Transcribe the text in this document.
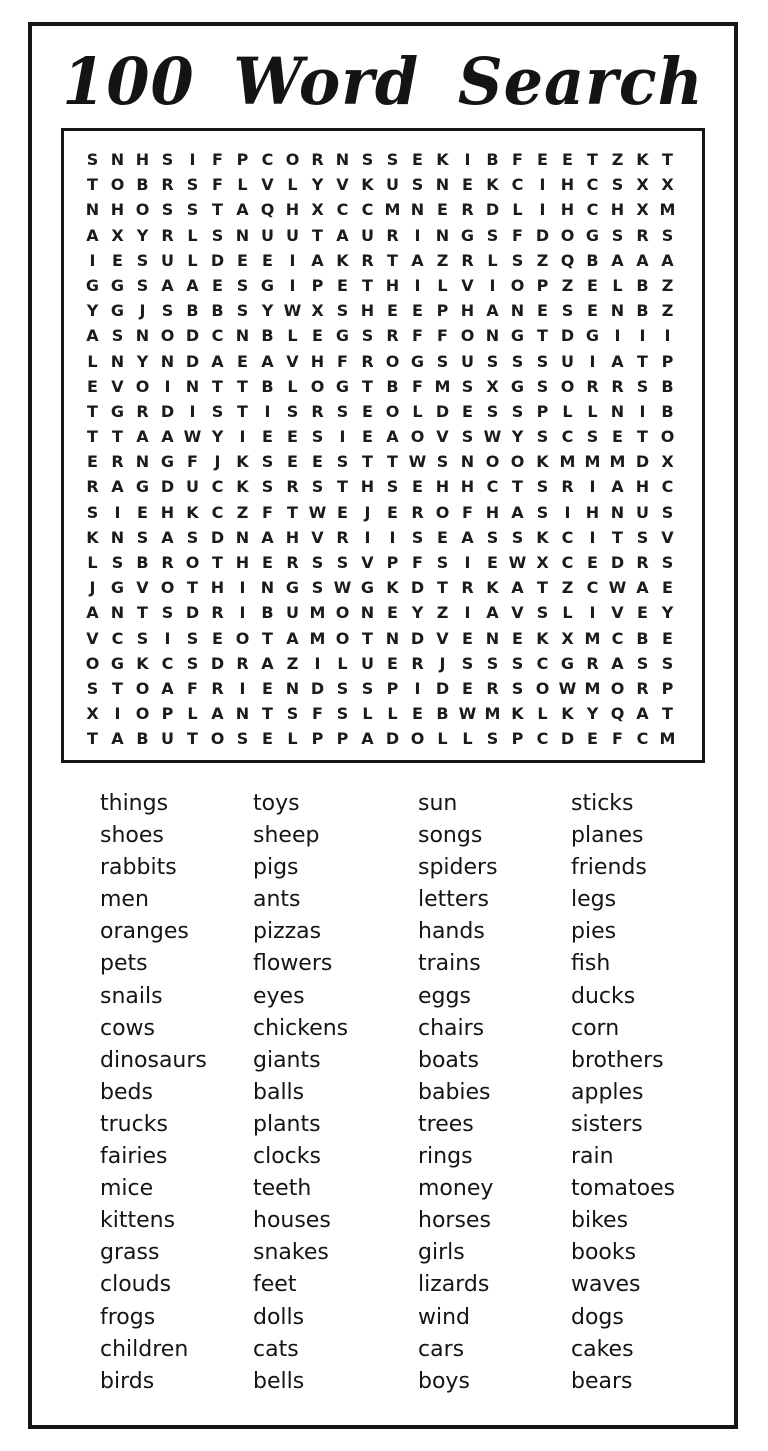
100 Word Search
S N H S	I	F P C O R N S S E K I B F E E T Z K T
T O B R S F L V L Y V K U S N E K C	I H C S X X
N H O S S T A Q H X C C M N E R D L	I H C H X M
A X Y R L S N U U T A U R I N G S F D O G S R S
I	E S U L D E E	I A K R T A Z R L S Z Q B A A A
G G S A A E S G I	P E T H I	L V I O P Z E L B Z
Y G J	S B B S Y W X S H E E P H A N E S E N B Z
A S N O D C N B L E G S R F F O N G T D G I	I	I
L N Y N D A E A V H F R O G S U S S S U I A T P
E V O I N T T B L O G T B F M S X G S O R R S B
T G R D I	S T	I	S R S E O L D E S S P L L N I B
T T A A W Y	I	E E S	I	E A O V S W Y S C S E T O
E R N G F	J K S E E S T T W S N O O K M M M D X
R A G D U C K S R S T H S E H H C T S R I A H C
S	I	E H K C Z F T W E	J	E R O F H A S	I H N U S
K N S A S D N A H V R I	I	S E A S S K C	I	T S V
L S B R O T H E R S S V P F S	I	E W X C E D R S
J G V O T H I N G S W G K D T R K A T Z C W A E
A N T S D R I B U M O N E Y Z	I A V S L	I V E Y
V C S	I	S E O T A M O T N D V E N E K X M C B E
O G K C S D R A Z	I	L U E R J	S S S C G R A S S
S T O A F R I	E N D S S P	I D E R S O W M O R P
X I O P L A N T S F S L L E B W M K L K Y Q A T
T A B U T O S E L P P A D O L L S P C D E F C M
things
shoes
rabbits
men
oranges
pets
snails
cows
dinosaurs
beds
trucks
fairies
mice
kittens
grass
clouds
frogs
children
birds
toys
sheep
pigs
ants
pizzas
flowers
eyes
chickens
giants
balls
plants
clocks
teeth
houses
snakes
feet
dolls
cats
bells
sun
songs
spiders
letters
hands
trains
eggs
chairs
boats
babies
trees
rings
money
horses
girls
lizards
wind
cars
boys
sticks
planes
friends
legs
pies
fish
ducks
corn
brothers
apples
sisters
rain
tomatoes
bikes
books
waves
dogs
cakes
bears
